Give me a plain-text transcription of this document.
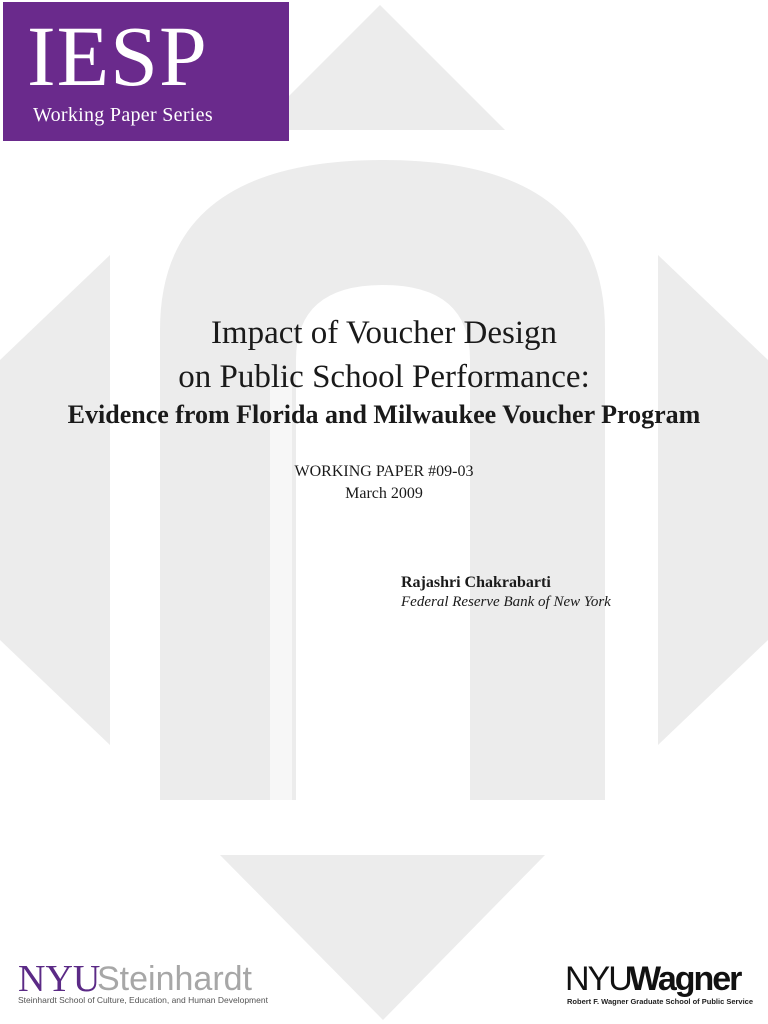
IESP
Working Paper Series
Impact of Voucher Design
on Public School Performance:
Evidence from Florida and Milwaukee Voucher Program
WORKING PAPER #09-03
March 2009
Rajashri Chakrabarti
Federal Reserve Bank of New York
NYU
Steinhardt
Steinhardt School of Culture, Education, and Human Development
NYU
Wagner
Robert F. Wagner Graduate School of Public Service
